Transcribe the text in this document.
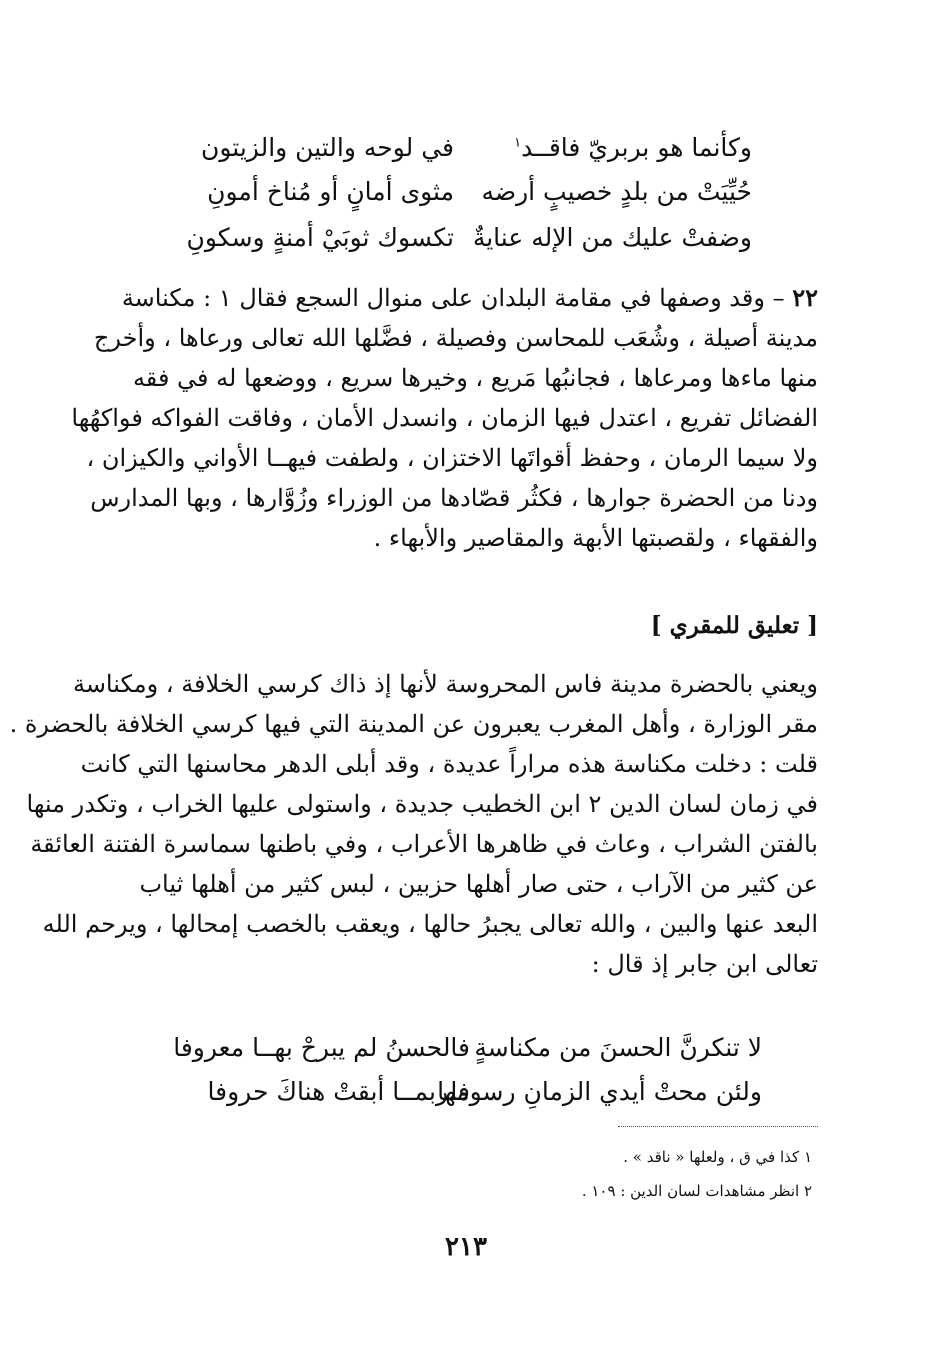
وكأنما هو بربريّ فاقــد$^١$
في لوحه والتين والزيتون
حُيِّيَتْ من بلدٍ خصيبٍ أرضه
مثوى أمانٍ أو مُناخ أمونِ
وضفتْ عليك من الإله عنايةٌ
تكسوك ثوبَيْ أمنةٍ وسكونِ
٢٢ – وقد وصفها في مقامة البلدان على منوال السجع فقال ١ : مكناسة
مدينة أصيلة ، وشُعَب للمحاسن وفصيلة ، فضَّلها الله تعالى ورعاها ، وأخرج
منها ماءها ومرعاها ، فجانبُها مَريع ، وخيرها سريع ، ووضعها له في فقه
الفضائل تفريع ، اعتدل فيها الزمان ، وانسدل الأمان ، وفاقت الفواكه فواكهُها
ولا سيما الرمان ، وحفظ أقواتَها الاختزان ، ولطفت فيهــا الأواني والكيزان ،
ودنا من الحضرة جوارها ، فكثُر قصّادها من الوزراء وزُوَّارها ، وبها المدارس
والفقهاء ، ولقصبتها الأبهة والمقاصير والأبهاء .
[ تعليق للمقري ]
ويعني بالحضرة مدينة فاس المحروسة لأنها إذ ذاك كرسي الخلافة ، ومكناسة
مقر الوزارة ، وأهل المغرب يعبرون عن المدينة التي فيها كرسي الخلافة بالحضرة .
قلت : دخلت مكناسة هذه مراراً عديدة ، وقد أبلى الدهر محاسنها التي كانت
في زمان لسان الدين ٢ ابن الخطيب جديدة ، واستولى عليها الخراب ، وتكدر منها
بالفتن الشراب ، وعاث في ظاهرها الأعراب ، وفي باطنها سماسرة الفتنة العائقة
عن كثير من الآراب ، حتى صار أهلها حزبين ، لبس كثير من أهلها ثياب
البعد عنها والبين ، والله تعالى يجبرُ حالها ، ويعقب بالخصب إمحالها ، ويرحم الله
تعالى ابن جابر إذ قال :
لا تنكرنَّ الحسنَ من مكناسةٍ
فالحسنُ لم يبرحْ بهــا معروفا
ولئن محتْ أيدي الزمانِ رسومها
فلربمــا أبقتْ هناكَ حروفا
١ كذا في ق ، ولعلها « ناقد » .
٢ انظر مشاهدات لسان الدين : ١٠٩ .
٢١٣
